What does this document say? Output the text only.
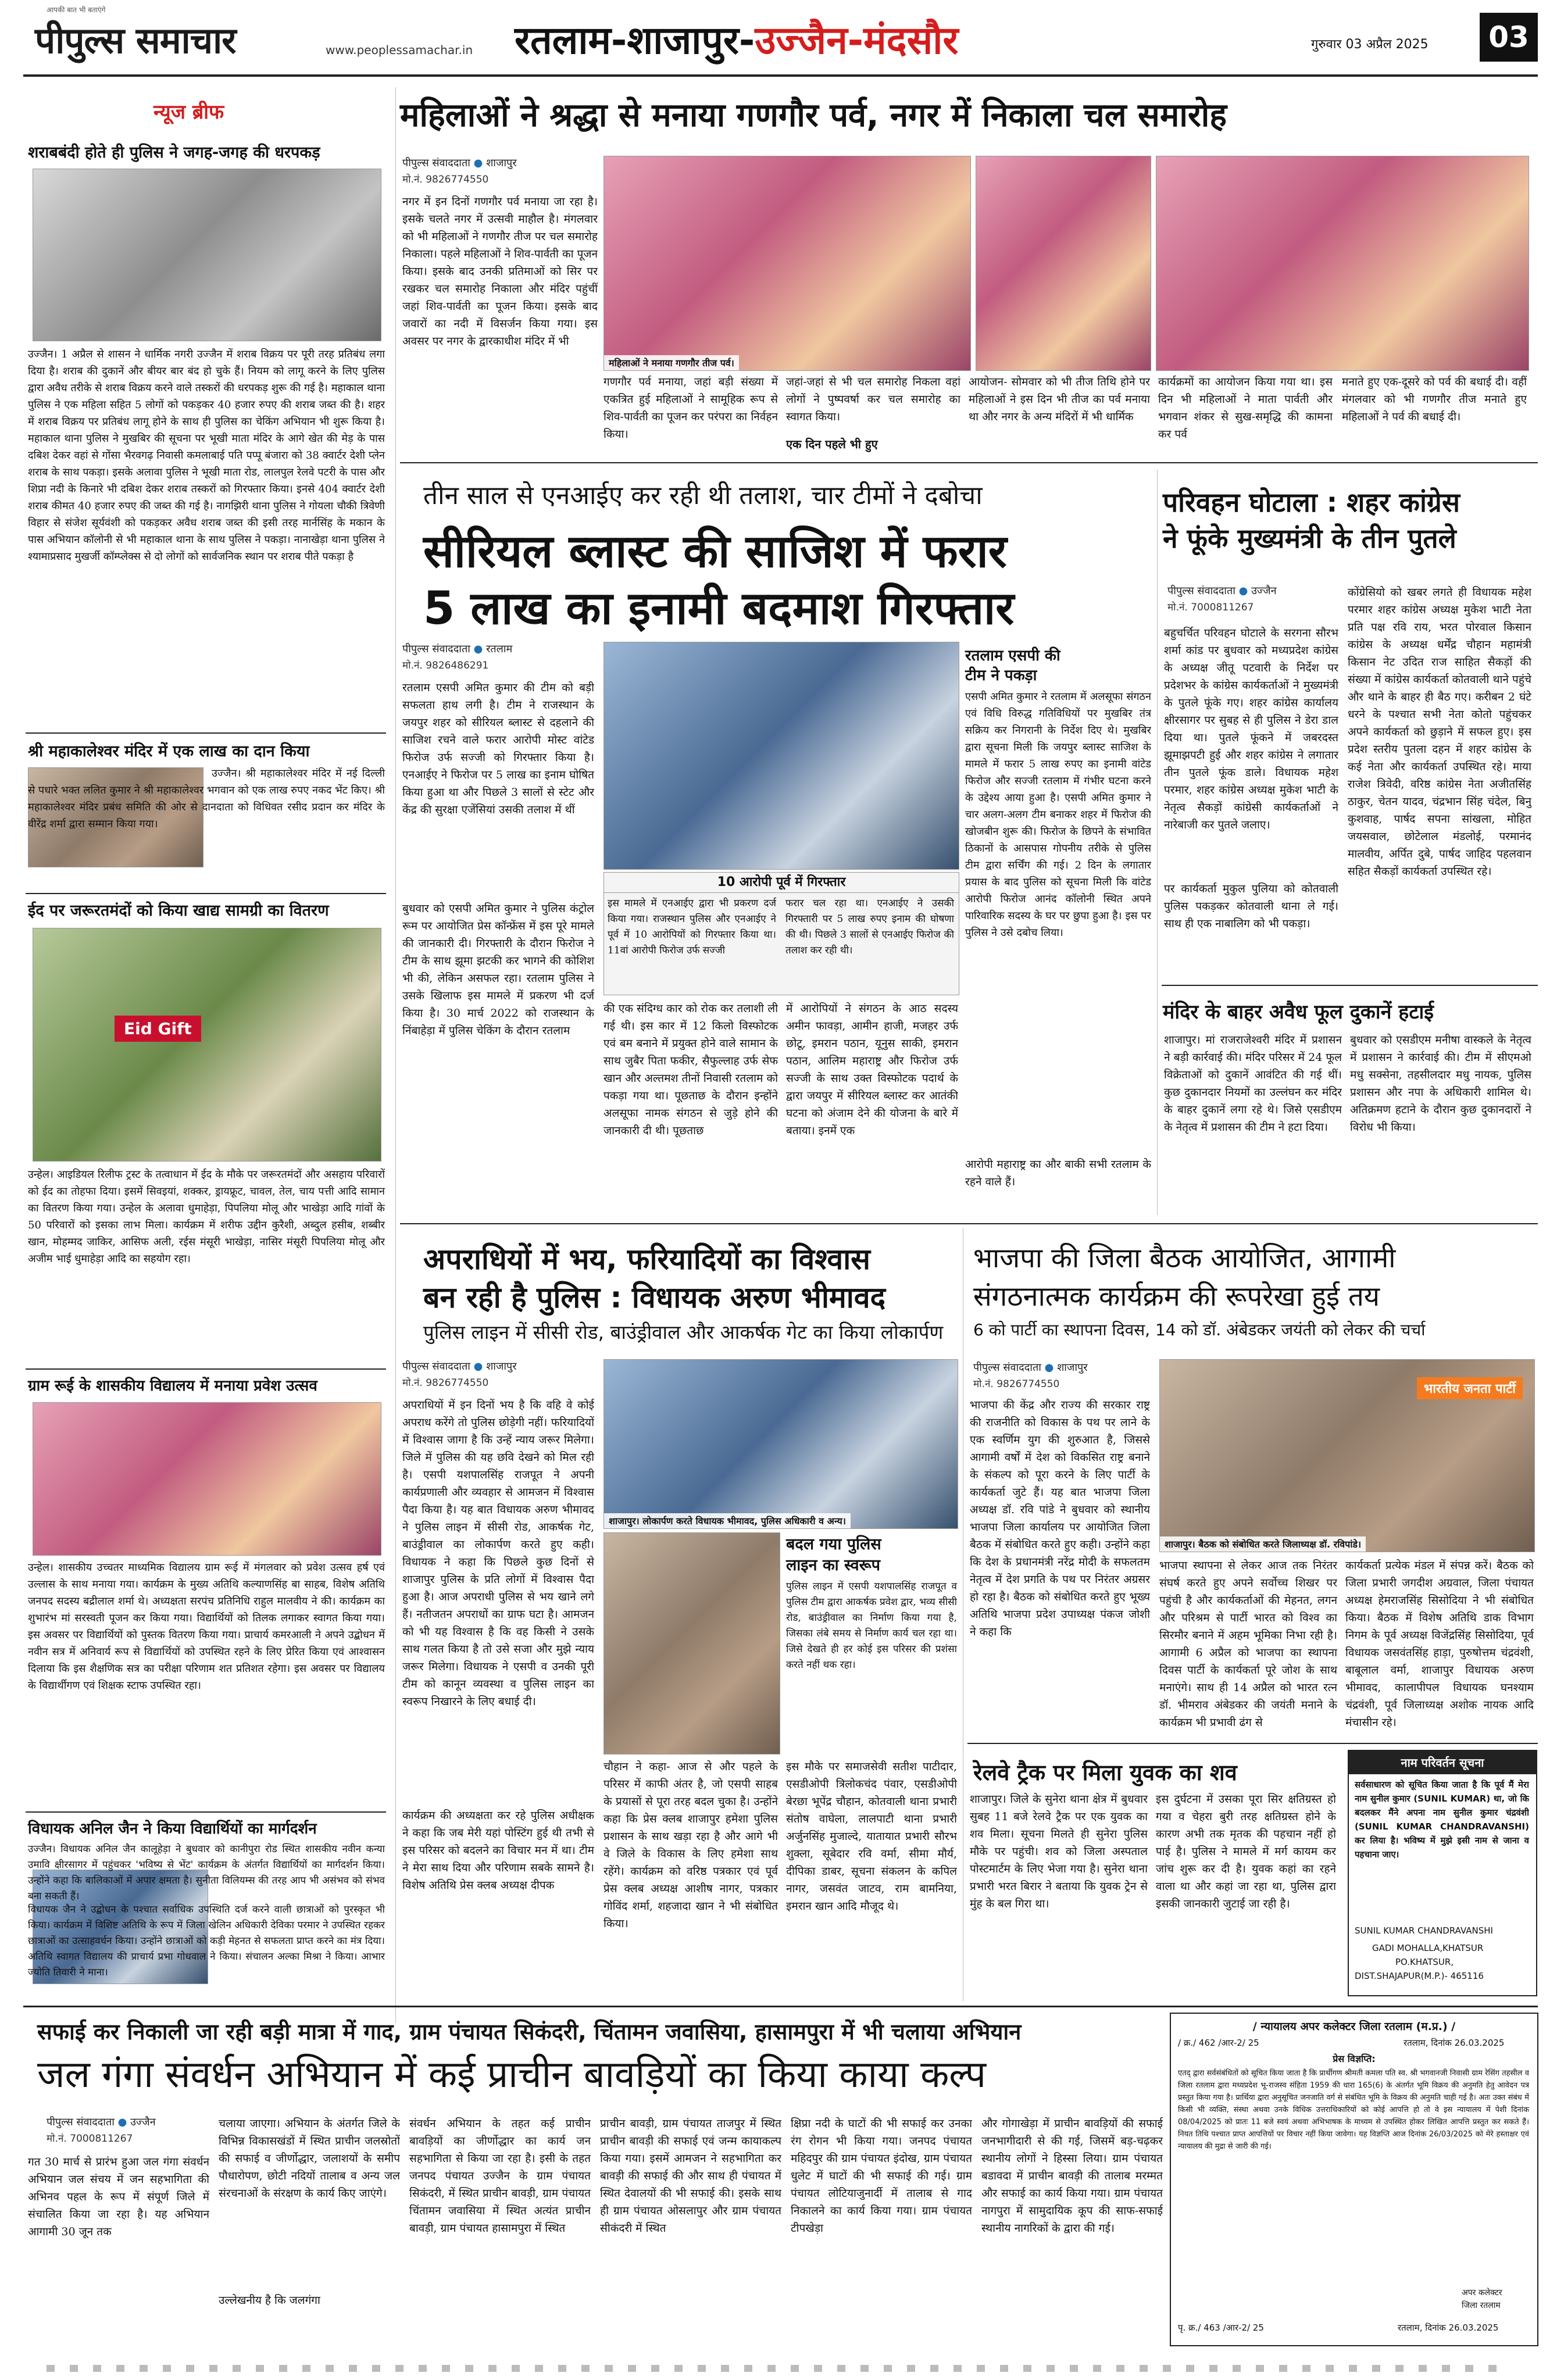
आपकी बात भी बताएंगे
पीपुल्स समाचार	www.peoplessamachar.in रतलाम-शाजापुर-उज्जैन-मंदसौर	गुरुवार 03 अप्रैल 2025	03
न्यूज ब्रीफ
शराबबंदी होते ही पुलिस ने जगह-जगह की धरपकड़

उज्जैन। 1 अप्रैल से शासन ने धार्मिक नगरी उज्जैन में शराब विक्रय पर पूरी तरह प्रतिबंध लगा दिया है। शराब की दुकानें और बीयर बार बंद हो चुके हैं। नियम को लागू करने के लिए पुलिस द्वारा अवैध तरीके से शराब विक्रय करने वाले तस्करों की धरपकड़ शुरू की गई है। महाकाल थाना पुलिस ने एक महिला सहित 5 लोगों को पकड़कर 40 हजार रुपए की शराब जब्त की है। शहर में शराब विक्रय पर प्रतिबंध लागू होने के साथ ही पुलिस का चेकिंग अभियान भी शुरू किया है। महाकाल थाना पुलिस ने मुखबिर की सूचना पर भूखी माता मंदिर के आगे खेत की मेड़ के पास दबिश देकर वहां से गोंसा भैरवगढ़ निवासी कमलाबाई पति पप्पू बंजारा को 38 क्वार्टर देशी प्लेन शराब के साथ पकड़ा। इसके अलावा पुलिस ने भूखी माता रोड, लालपुल रेलवे पटरी के पास और शिप्रा नदी के किनारे भी दबिश देकर शराब तस्करों को गिरफ्तार किया। इनसे 404 क्वार्टर देशी शराब कीमत 40 हजार रुपए की जब्त की गई है। नागझिरी थाना पुलिस ने गोयला चौकी त्रिवेणी विहार से संजेश सूर्यवंशी को पकड़कर अवैध शराब जब्त की इसी तरह मार्नसिंह के मकान के पास अभियान कॉलोनी से भी महाकाल थाना के साथ पुलिस ने पकड़ा। नानाखेड़ा थाना पुलिस ने श्यामाप्रसाद मुखर्जी कॉम्प्लेक्स से दो लोगों को सार्वजनिक स्थान पर शराब पीते पकड़ा है

श्री महाकालेश्वर मंदिर में एक लाख का दान किया

उज्जैन। श्री महाकालेश्वर मंदिर में नई दिल्ली से पधारे भक्त ललित कुमार ने श्री महाकालेश्वर भगवान को एक लाख रुपए नकद भेंट किए। श्री महाकालेश्वर मंदिर प्रबंध समिति की ओर से दानदाता को विधिवत रसीद प्रदान कर मंदिर के वीरेंद्र शर्मा द्वारा सम्मान किया गया।

ईद पर जरूरतमंदों को किया खाद्य सामग्री का वितरण
Eid Gift

उन्हेल। आइडियल रिलीफ ट्रस्ट के तत्वाधान में ईद के मौके पर जरूरतमंदों और असहाय परिवारों को ईद का तोहफा दिया। इसमें सिवइयां, शक्कर, ड्रायफ्रूट, चावल, तेल, चाय पत्ती आदि सामान का वितरण किया गया। उन्हेल के अलावा धुमाहेड़ा, पिपलिया मोलू और भाखेड़ा आदि गांवों के 50 परिवारों को इसका लाभ मिला। कार्यक्रम में शरीफ उद्दीन कुरैशी, अब्दुल हसीब, शब्बीर खान, मोहम्मद जाकिर, आसिफ अली, रईस मंसूरी भाखेड़ा, नासिर मंसूरी पिपलिया मोलू और अजीम भाई धुमाहेड़ा आदि का सहयोग रहा।

ग्राम रूई के शासकीय विद्यालय में मनाया प्रवेश उत्सव

उन्हेल। शासकीय उच्चतर माध्यमिक विद्यालय ग्राम रूई में मंगलवार को प्रवेश उत्सव हर्ष एवं उल्लास के साथ मनाया गया। कार्यक्रम के मुख्य अतिथि कल्याणसिंह बा साहब, विशेष अतिथि जनपद सदस्य बद्रीलाल शर्मा थे। अध्यक्षता सरपंच प्रतिनिधि राहुल मालवीय ने की। कार्यक्रम का शुभारंभ मां सरस्वती पूजन कर किया गया। विद्यार्थियों को तिलक लगाकर स्वागत किया गया। इस अवसर पर विद्यार्थियों को पुस्तक वितरण किया गया। प्राचार्य कमरआली ने अपने उद्बोधन में नवीन सत्र में अनिवार्य रूप से विद्यार्थियों को उपस्थित रहने के लिए प्रेरित किया एवं आश्वासन दिलाया कि इस शैक्षणिक सत्र का परीक्षा परिणाम शत प्रतिशत रहेगा। इस अवसर पर विद्यालय के विद्यार्थीगण एवं शिक्षक स्टाफ उपस्थित रहा।

विधायक अनिल जैन ने किया विद्यार्थियों का मार्गदर्शन

उज्जैन। विधायक अनिल जैन कालूहेड़ा ने बुधवार को कानीपुरा रोड स्थित शासकीय नवीन कन्या उमावि क्षीरसागर में पहुंचकर 'भविष्य से भेंट' कार्यक्रम के अंतर्गत विद्यार्थियों का मार्गदर्शन किया। उन्होंने कहा कि बालिकाओं में अपार क्षमता है। सुनीता विलियम्स की तरह आप भी असंभव को संभव बना सकती हैं।

विधायक जैन ने उद्बोधन के पश्चात सर्वाधिक उपस्थिति दर्ज करने वाली छात्राओं को पुरस्कृत भी किया। कार्यक्रम में विशिष्ट अतिथि के रूप में जिला खेलिन अधिकारी देविका परमार ने उपस्थित रहकर छात्राओं का उत्साहवर्धन किया। उन्होंने छात्राओं को कड़ी मेहनत से सफलता प्राप्त करने का मंत्र दिया। अतिथि स्वागत विद्यालय की प्राचार्य प्रभा गोधवाल ने किया। संचालन अल्का मिश्रा ने किया। आभार ज्योति तिवारी ने माना।

महिलाओं ने श्रद्धा से मनाया गणगौर पर्व, नगर में निकाला चल समारोह
पीपुल्स संवाददाता ● शाजापुर
मो.नं. 9826774550

नगर में इन दिनों गणगौर पर्व मनाया जा रहा है। इसके चलते नगर में उत्सवी माहौल है। मंगलवार को भी महिलाओं ने गणगौर तीज पर चल समारोह निकाला। पहले महिलाओं ने शिव-पार्वती का पूजन किया। इसके बाद उनकी प्रतिमाओं को सिर पर रखकर चल समारोह निकाला और मंदिर पहुंचीं जहां शिव-पार्वती का पूजन किया। इसके बाद जवारों का नदी में विसर्जन किया गया। इस अवसर पर नगर के द्वारकाधीश मंदिर में भी

महिलाओं ने मनाया गणगौर तीज पर्व।

गणगौर पर्व मनाया, जहां बड़ी संख्या में एकत्रित हुई महिलाओं ने सामूहिक रूप से शिव-पार्वती का पूजन कर परंपरा का निर्वहन किया।

जहां-जहां से भी चल समारोह निकला वहां लोगों ने पुष्पवर्षा कर चल समारोह का स्वागत किया।

एक दिन पहले भी हुए

आयोजन- सोमवार को भी तीज तिथि होने पर महिलाओं ने इस दिन भी तीज का पर्व मनाया था और नगर के अन्य मंदिरों में भी धार्मिक

कार्यक्रमों का आयोजन किया गया था। इस दिन भी महिलाओं ने माता पार्वती और भगवान शंकर से सुख-समृद्धि की कामना कर पर्व

मनाते हुए एक-दूसरे को पर्व की बधाई दी। वहीं मंगलवार को भी गणगौर तीज मनाते हुए महिलाओं ने पर्व की बधाई दी।

तीन साल से एनआईए कर रही थी तलाश, चार टीमों ने दबोचा
सीरियल ब्लास्ट की साजिश में फरार
5 लाख का इनामी बदमाश गिरफ्तार
पीपुल्स संवाददाता ● रतलाम
मो.नं. 9826486291

रतलाम एसपी अमित कुमार की टीम को बड़ी सफलता हाथ लगी है। टीम ने राजस्थान के जयपुर शहर को सीरियल ब्लास्ट से दहलाने की साजिश रचने वाले फरार आरोपी मोस्ट वांटेड फिरोज उर्फ सज्जी को गिरफ्तार किया है। एनआईए ने फिरोज पर 5 लाख का इनाम घोषित किया हुआ था और पिछले 3 सालों से स्टेट और केंद्र की सुरक्षा एजेंसियां उसकी तलाश में थीं

10 आरोपी पूर्व में गिरफ्तार

इस मामले में एनआईए द्वारा भी प्रकरण दर्ज किया गया। राजस्थान पुलिस और एनआईए ने पूर्व में 10 आरोपियों को गिरफ्तार किया था। 11वां आरोपी फिरोज उर्फ सज्जी

फरार चल रहा था। एनआईए ने उसकी गिरफ्तारी पर 5 लाख रुपए इनाम की घोषणा की थी। पिछले 3 सालों से एनआईए फिरोज की तलाश कर रही थी।

बुधवार को एसपी अमित कुमार ने पुलिस कंट्रोल रूम पर आयोजित प्रेस कॉन्फ्रेंस में इस पूरे मामले की जानकारी दी। गिरफ्तारी के दौरान फिरोज ने टीम के साथ झूमा झटकी कर भागने की कोशिश भी की, लेकिन असफल रहा। रतलाम पुलिस ने उसके खिलाफ इस मामले में प्रकरण भी दर्ज किया है। 30 मार्च 2022 को राजस्थान के निंबाहेड़ा में पुलिस चेकिंग के दौरान रतलाम

की एक संदिग्ध कार को रोक कर तलाशी ली गई थी। इस कार में 12 किलो विस्फोटक एवं बम बनाने में प्रयुक्त होने वाले सामान के साथ जुबैर पिता फकीर, सैफुल्लाह उर्फ सेफ खान और अल्तमश तीनों निवासी रतलाम को पकड़ा गया था। पूछताछ के दौरान इन्होंने अलसूफा नामक संगठन से जुड़े होने की जानकारी दी थी। पूछताछ

में आरोपियों ने संगठन के आठ सदस्य अमीन फावड़ा, आमीन हाजी, मजहर उर्फ छोटू, इमरान पठान, यूनुस साकी, इमरान पठान, आलिम महाराष्ट्र और फिरोज उर्फ सज्जी के साथ उक्त विस्फोटक पदार्थ के द्वारा जयपुर में सीरियल ब्लास्ट कर आतंकी घटना को अंजाम देने की योजना के बारे में बताया। इनमें एक

रतलाम एसपी की
टीम ने पकड़ा

एसपी अमित कुमार ने रतलाम में अलसूफा संगठन एवं विधि विरुद्ध गतिविधियों पर मुखबिर तंत्र सक्रिय कर निगरानी के निर्देश दिए थे। मुखबिर द्वारा सूचना मिली कि जयपुर ब्लास्ट साजिश के मामले में फरार 5 लाख रुपए का इनामी वांटेड फिरोज और सज्जी रतलाम में गंभीर घटना करने के उद्देश्य आया हुआ है। एसपी अमित कुमार ने चार अलग-अलग टीम बनाकर शहर में फिरोज की खोजबीन शुरू की। फिरोज के छिपने के संभावित ठिकानों के आसपास गोपनीय तरीके से पुलिस टीम द्वारा सर्चिंग की गई। 2 दिन के लगातार प्रयास के बाद पुलिस को सूचना मिली कि वांटेड आरोपी फिरोज आनंद कॉलोनी स्थित अपने पारिवारिक सदस्य के घर पर छुपा हुआ है। इस पर पुलिस ने उसे दबोच लिया।

आरोपी महाराष्ट्र का और बाकी सभी रतलाम के रहने वाले हैं।

परिवहन घोटाला : शहर कांग्रेस
ने फूंके मुख्यमंत्री के तीन पुतले
पीपुल्स संवाददाता ● उज्जैन
मो.नं. 7000811267

बहुचर्चित परिवहन घोटाले के सरगना सौरभ शर्मा कांड पर बुधवार को मध्यप्रदेश कांग्रेस के अध्यक्ष जीतू पटवारी के निर्देश पर प्रदेशभर के कांग्रेस कार्यकर्ताओं ने मुख्यमंत्री के पुतले फूंके गए। शहर कांग्रेस कार्यालय क्षीरसागर पर सुबह से ही पुलिस ने डेरा डाल दिया था। पुतले फूंकने में जबरदस्त झूमाझपटी हुई और शहर कांग्रेस ने लगातार तीन पुतले फूंक डाले। विधायक महेश परमार, शहर कांग्रेस अध्यक्ष मुकेश भाटी के नेतृत्व सैकड़ों कांग्रेसी कार्यकर्ताओं ने नारेबाजी कर पुतले जलाए।

पर कार्यकर्ता मुकुल पुलिया को कोतवाली पुलिस पकड़कर कोतवाली थाना ले गई। साथ ही एक नाबालिग को भी पकड़ा।

कोंग्रेसियो को खबर लगते ही विधायक महेश परमार शहर कांग्रेस अध्यक्ष मुकेश भाटी नेता प्रति पक्ष रवि राय, भरत पोरवाल किसान कांग्रेस के अध्यक्ष धर्मेंद्र चौहान महामंत्री किसान नेट उदित राज साहित सैकड़ों की संख्या में कांग्रेस कार्यकर्ता कोतवाली थाने पहुंचे और थाने के बाहर ही बैठ गए। करीबन 2 घंटे धरने के पश्चात सभी नेता कोतो पहुंचकर अपने कार्यकर्ता को छुड़ाने में सफल हुए। इस प्रदेश स्तरीय पुतला दहन में शहर कांग्रेस के कई नेता और कार्यकर्ता उपस्थित रहे। माया राजेश त्रिवेदी, वरिष्ठ कांग्रेस नेता अजीतसिंह ठाकुर, चेतन यादव, चंद्रभान सिंह चंदेल, बिनु कुशवाह, पार्षद सपना सांखला, मोहित जयसवाल, छोटेलाल मंडलोई, परमानंद मालवीय, अर्पित दुबे, पार्षद जाहिद पहलवान सहित सैकड़ों कार्यकर्ता उपस्थित रहे।

मंदिर के बाहर अवैध फूल दुकानें हटाई

शाजापुर। मां राजराजेश्वरी मंदिर में प्रशासन ने बड़ी कार्रवाई की। मंदिर परिसर में 24 फूल विक्रेताओं को दुकानें आवंटित की गई थीं। कुछ दुकानदार नियमों का उल्लंघन कर मंदिर के बाहर दुकानें लगा रहे थे। जिसे एसडीएम के नेतृत्व में प्रशासन की टीम ने हटा दिया।

बुधवार को एसडीएम मनीषा वास्कले के नेतृत्व में प्रशासन ने कार्रवाई की। टीम में सीएमओ मधु सक्सेना, तहसीलदार मधु नायक, पुलिस प्रशासन और नपा के अधिकारी शामिल थे। अतिक्रमण हटाने के दौरान कुछ दुकानदारों ने विरोध भी किया।

अपराधियों में भय, फरियादियों का विश्वास
बन रही है पुलिस : विधायक अरुण भीमावद
पुलिस लाइन में सीसी रोड, बाउंड्रीवाल और आकर्षक गेट का किया लोकार्पण
पीपुल्स संवाददाता ● शाजापुर
मो.नं. 9826774550

अपराधियों में इन दिनों भय है कि वहि वे कोई अपराध करेंगे तो पुलिस छोड़ेगी नहीं। फरियादियों में विश्वास जागा है कि उन्हें न्याय जरूर मिलेगा। जिले में पुलिस की यह छवि देखने को मिल रही है। एसपी यशपालसिंह राजपूत ने अपनी कार्यप्रणाली और व्यवहार से आमजन में विश्वास पैदा किया है। यह बात विधायक अरुण भीमावद ने पुलिस लाइन में सीसी रोड, आकर्षक गेट, बाउंड्रीवाल का लोकार्पण करते हुए कही। विधायक ने कहा कि पिछले कुछ दिनों से शाजापुर पुलिस के प्रति लोगों में विश्वास पैदा हुआ है। आज अपराधी पुलिस से भय खाने लगे हैं। नतीजतन अपराधों का ग्राफ घटा है। आमजन को भी यह विश्वास है कि वह किसी ने उसके साथ गलत किया है तो उसे सजा और मुझे न्याय जरूर मिलेगा। विधायक ने एसपी व उनकी पूरी टीम को कानून व्यवस्था व पुलिस लाइन का स्वरूप निखारने के लिए बधाई दी।

कार्यक्रम की अध्यक्षता कर रहे पुलिस अधीक्षक ने कहा कि जब मेरी यहां पोस्टिंग हुई थी तभी से इस परिसर को बदलने का विचार मन में था। टीम ने मेरा साथ दिया और परिणाम सबके सामने है। विशेष अतिथि प्रेस क्लब अध्यक्ष दीपक

शाजापुर। लोकार्पण करते विधायक भीमावद, पुलिस अधिकारी व अन्य।
बदल गया पुलिस
लाइन का स्वरूप

पुलिस लाइन में एसपी यशपालसिंह राजपूत व पुलिस टीम द्वारा आकर्षक प्रवेश द्वार, भव्य सीसी रोड, बाउंड्रीवाल का निर्माण किया गया है, जिसका लंबे समय से निर्माण कार्य चल रहा था। जिसे देखते ही हर कोई इस परिसर की प्रशंसा करते नहीं थक रहा।

चौहान ने कहा- आज से और पहले के परिसर में काफी अंतर है, जो एसपी साहब के प्रयासों से पूरा तरह बदल चुका है। उन्होंने कहा कि प्रेस क्लब शाजापुर हमेशा पुलिस प्रशासन के साथ खड़ा रहा है और आगे भी वे जिले के विकास के लिए हमेशा साथ रहेंगे। कार्यक्रम को वरिष्ठ पत्रकार एवं पूर्व प्रेस क्लब अध्यक्ष आशीष नागर, पत्रकार गोविंद शर्मा, शहजादा खान ने भी संबोधित किया।

इस मौके पर समाजसेवी सतीश पाटीदार, एसडीओपी त्रिलोकचंद पंवार, एसडीओपी बेरछा भूपेंद्र चौहान, कोतवाली थाना प्रभारी संतोष वाघेला, लालपाटी थाना प्रभारी अर्जुनसिंह मुजाल्दे, यातायात प्रभारी सौरभ शुक्ला, सूबेदार रवि वर्मा, सीमा मौर्य, दीपिका डाबर, सूचना संकलन के कपिल नागर, जसवंत जाटव, राम बामनिया, इमरान खान आदि मौजूद थे।

भाजपा की जिला बैठक आयोजित, आगामी
संगठनात्मक कार्यक्रम की रूपरेखा हुई तय
6 को पार्टी का स्थापना दिवस, 14 को डॉ. अंबेडकर जयंती को लेकर की चर्चा
पीपुल्स संवाददाता ● शाजापुर
मो.नं. 9826774550

भाजपा की केंद्र और राज्य की सरकार राष्ट्र की राजनीति को विकास के पथ पर लाने के एक स्वर्णिम युग की शुरुआत है, जिससे आगामी वर्षों में देश को विकसित राष्ट्र बनाने के संकल्प को पूरा करने के लिए पार्टी के कार्यकर्ता जुटे हैं। यह बात भाजपा जिला अध्यक्ष डॉ. रवि पांडे ने बुधवार को स्थानीय भाजपा जिला कार्यालय पर आयोजित जिला बैठक में संबोधित करते हुए कही। उन्होंने कहा कि देश के प्रधानमंत्री नरेंद्र मोदी के सफलतम नेतृत्व में देश प्रगति के पथ पर निरंतर अग्रसर हो रहा है। बैठक को संबोधित करते हुए भूख्य अतिथि भाजपा प्रदेश उपाध्यक्ष पंकज जोशी ने कहा कि

भारतीय जनता पार्टी
शाजापुर। बैठक को संबोधित करते जिलाध्यक्ष डॉ. रविपांडे।

भाजपा स्थापना से लेकर आज तक निरंतर संघर्ष करते हुए अपने सर्वोच्च शिखर पर पहुंची है और कार्यकर्ताओं की मेहनत, लगन और परिश्रम से पार्टी भारत को विश्व का सिरमौर बनाने में अहम भूमिका निभा रही है। आगामी 6 अप्रैल को भाजपा का स्थापना दिवस पार्टी के कार्यकर्ता पूरे जोश के साथ मनाएंगे। साथ ही 14 अप्रैल को भारत रत्न डॉ. भीमराव अंबेडकर की जयंती मनाने के कार्यक्रम भी प्रभावी ढंग से

कार्यकर्ता प्रत्येक मंडल में संपन्न करें। बैठक को जिला प्रभारी जगदीश अग्रवाल, जिला पंचायत अध्यक्ष हेमराजसिंह सिसोदिया ने भी संबोधित किया। बैठक में विशेष अतिथि डाक विभाग निगम के पूर्व अध्यक्ष विजेंद्रसिंह सिसोदिया, पूर्व विधायक जसवंतसिंह हाड़ा, पुरुषोत्तम चंद्रवंशी, बाबूलाल वर्मा, शाजापुर विधायक अरुण भीमावद, कालापीपल विधायक घनश्याम चंद्रवंशी, पूर्व जिलाध्यक्ष अशोक नायक आदि मंचासीन रहे।

रेलवे ट्रैक पर मिला युवक का शव

शाजापुर। जिले के सुनेरा थाना क्षेत्र में बुधवार सुबह 11 बजे रेलवे ट्रैक पर एक युवक का शव मिला। सूचना मिलते ही सुनेरा पुलिस मौके पर पहुंची। शव को जिला अस्पताल पोस्टमार्टम के लिए भेजा गया है। सुनेरा थाना प्रभारी भरत बिरार ने बताया कि युवक ट्रेन से मुंह के बल गिरा था।

इस दुर्घटना में उसका पूरा सिर क्षतिग्रस्त हो गया व चेहरा बुरी तरह क्षतिग्रस्त होने के कारण अभी तक मृतक की पहचान नहीं हो पाई है। पुलिस ने मामले में मर्ग कायम कर जांच शुरू कर दी है। युवक कहां का रहने वाला था और कहां जा रहा था, पुलिस द्वारा इसकी जानकारी जुटाई जा रही है।

नाम परिवर्तन सूचना

सर्वसाधारण को सूचित किया जाता है कि पूर्व मैं मेरा नाम सुनील कुमार (SUNIL KUMAR) था, जो कि बदलकर मैंने अपना नाम सुनील कुमार चंद्रवंशी (SUNIL KUMAR CHANDRAVANSHI) कर लिया है। भविष्य में मुझे इसी नाम से जाना व पहचाना जाए।

SUNIL KUMAR CHANDRAVANSHI
GADI MOHALLA,KHATSUR
PO.KHATSUR,
DIST.SHAJAPUR(M.P.)- 465116
सफाई कर निकाली जा रही बड़ी मात्रा में गाद, ग्राम पंचायत सिकंदरी, चिंतामन जवासिया, हासामपुरा में भी चलाया अभियान
जल गंगा संवर्धन अभियान में कई प्राचीन बावड़ियों का किया काया कल्प
पीपुल्स संवाददाता ● उज्जैन
मो.नं. 7000811267

गत 30 मार्च से प्रारंभ हुआ जल गंगा संवर्धन अभियान जल संचय में जन सहभागिता की अभिनव पहल के रूप में संपूर्ण जिले में संचालित किया जा रहा है। यह अभियान आगामी 30 जून तक

चलाया जाएगा। अभियान के अंतर्गत जिले के विभिन्न विकासखंडों में स्थित प्राचीन जलस्रोतों की सफाई व जीर्णोद्धार, जलाशयों के समीप पौधारोपण, छोटी नदियों तालाब व अन्य जल संरचनाओं के संरक्षण के कार्य किए जाएंगे।

उल्लेखनीय है कि जलगंगा

संवर्धन अभियान के तहत कई प्राचीन बावड़ियों का जीर्णोद्धार का कार्य जन सहभागिता से किया जा रहा है। इसी के तहत जनपद पंचायत उज्जैन के ग्राम पंचायत सिकंदरी, में स्थित प्राचीन बावड़ी, ग्राम पंचायत चिंतामन जवासिया में स्थित अत्यंत प्राचीन बावड़ी, ग्राम पंचायत हासामपुरा में स्थित

प्राचीन बावड़ी, ग्राम पंचायत ताजपुर में स्थित प्राचीन बावड़ी की सफाई एवं जन्म कायाकल्प किया गया। इसमें आमजन ने सहभागिता कर बावड़ी की सफाई की और साथ ही पंचायत में स्थित देवालयों की भी सफाई की। इसके साथ ही ग्राम पंचायत ओसलापुर और ग्राम पंचायत सीकंदरी में स्थित

क्षिप्रा नदी के घाटों की भी सफाई कर उनका रंग रोगन भी किया गया। जनपद पंचायत महिदपुर की ग्राम पंचायत इंदोख, ग्राम पंचायत धुलेट में घाटों की भी सफाई की गई। ग्राम पंचायत लोटियाजुनार्दी में तालाब से गाद निकालने का कार्य किया गया। ग्राम पंचायत टीपखेड़ा

और गोगाखेड़ा में प्राचीन बावड़ियों की सफाई जनभागीदारी से की गई, जिसमें बड़-चढ़कर स्थानीय लोगों ने हिस्सा लिया। ग्राम पंचायत बडावदा में प्राचीन बावड़ी की तालाब मरम्मत और सफाई का कार्य किया गया। ग्राम पंचायत नागपुरा में सामुदायिक कूप की साफ-सफाई स्थानीय नागरिकों के द्वारा की गई।

/ न्यायालय अपर कलेक्टर जिला रतलाम (म.प्र.) /
/ क्र./ 462 /आर-2/ 25	रतलाम, दिनांक 26.03.2025
प्रेस विज्ञप्ति:

एतद् द्वारा सर्वसंबंधितों को सूचित किया जाता है कि प्रार्थीगण श्रीमती कमला पति स्व. श्री भगवानजी निवासी ग्राम रेसिंग तहसील व जिला रतलाम द्वारा मध्यप्रदेश भू-राजस्व संहिता 1959 की धारा 165(6) के अंतर्गत भूमि विक्रय की अनुमति हेतु आवेदन पत्र प्रस्तुत किया गया है। प्रार्थिया द्वारा अनुसूचित जनजाति वर्ग से संबंधित भूमि के विक्रय की अनुमति चाही गई है। अतः उक्त संबंध में किसी भी व्यक्ति, संस्था अथवा उनके विधिक उत्तराधिकारियों को कोई आपत्ति हो तो वे इस न्यायालय में पेशी दिनांक 08/04/2025 को प्रातः 11 बजे स्वयं अथवा अभिभाषक के माध्यम से उपस्थित होकर लिखित आपत्ति प्रस्तुत कर सकते हैं। नियत तिथि पश्चात प्राप्त आपत्तियों पर विचार नहीं किया जावेगा। यह विज्ञप्ति आज दिनांक 26/03/2025 को मेरे हस्ताक्षर एवं न्यायालय की मुद्रा से जारी की गई।

अपर कलेक्टर
जिला रतलाम
पृ. क्र./ 463 /आर-2/ 25	रतलाम, दिनांक 26.03.2025
